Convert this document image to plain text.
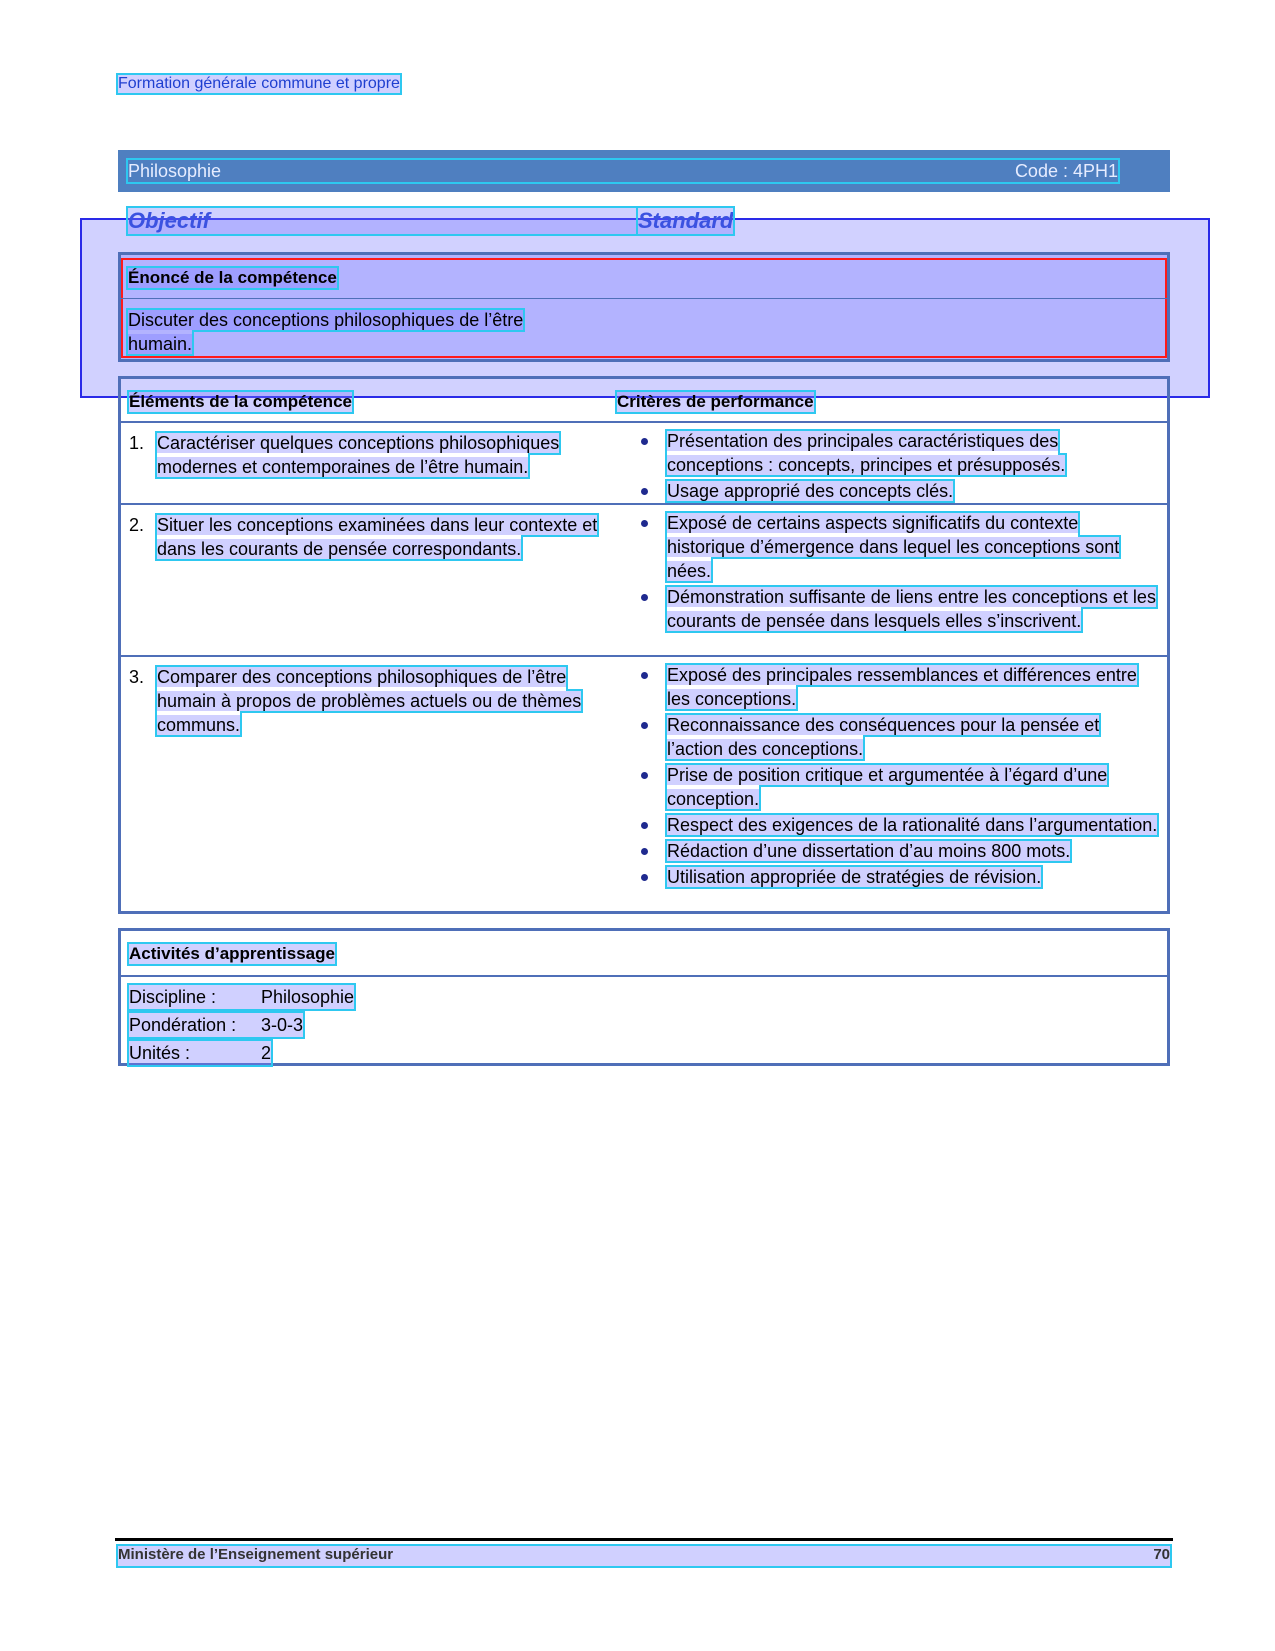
Formation générale commune et propre
Philosophie	Code : 4PH1
Objectif	Standard
Énoncé de la compétence
Discuter des conceptions philosophiques de l’être humain.
Éléments de la compétence	Critères de performance
1. Caractériser quelques conceptions philosophiques modernes et contemporaines de l’être humain.
Présentation des principales caractéristiques des conceptions : concepts, principes et présupposés.
Usage approprié des concepts clés.
2. Situer les conceptions examinées dans leur contexte et dans les courants de pensée correspondants.
Exposé de certains aspects significatifs du contexte historique d’émergence dans lequel les conceptions sont nées.
Démonstration suffisante de liens entre les conceptions et les courants de pensée dans lesquels elles s’inscrivent.
3. Comparer des conceptions philosophiques de l’être humain à propos de problèmes actuels ou de thèmes communs.
Exposé des principales ressemblances et différences entre les conceptions.
Reconnaissance des conséquences pour la pensée et l’action des conceptions.
Prise de position critique et argumentée à l’égard d’une conception.
Respect des exigences de la rationalité dans l’argumentation.
Rédaction d’une dissertation d’au moins 800 mots.
Utilisation appropriée de stratégies de révision.
Activités d’apprentissage
Discipline :	Philosophie
Pondération :	3-0-3
Unités :	2
Ministère de l’Enseignement supérieur	70
